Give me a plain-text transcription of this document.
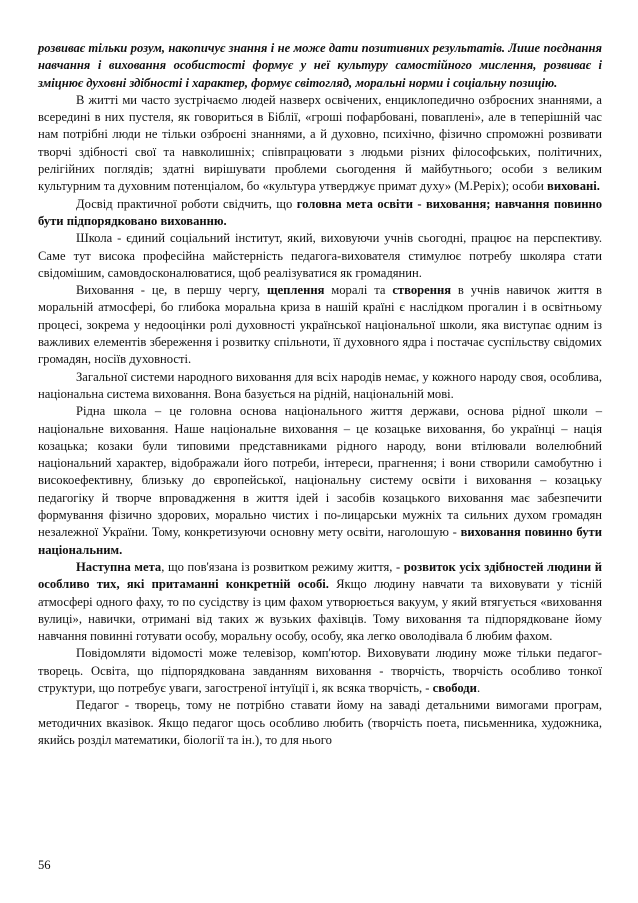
розвиває тільки розум, накопичує знання і не може дати позитивних результатів. Лише поєднання навчання і виховання особистості формує у неї культуру самостійного мислення, розвиває і зміцнює духовні здібності і характер, формує світогляд, моральні норми і соціальну позицію.

В житті ми часто зустрічаємо людей назверх освічених, енциклопедично озброєних знаннями, а всередині в них пустеля, як говориться в Біблії, «гроші пофарбовані, повапленi», але в теперішній час нам потрібні люди не тільки озброєні знаннями, а й духовно, психічно, фізично спроможні розвивати творчі здібності свої та навколишніх; співпрацювати з людьми різних філософських, політичних, релігійних поглядів; здатні вирішувати проблеми сьогодення й майбутнього; особи з великим культурним та духовним потенціалом, бо «культура утверджує примат духу» (М.Реріх); особи вихованi.

Досвід практичної роботи свідчить, що головна мета освіти - виховання; навчання повинно бути підпорядковано вихованню.

Школа - єдиний соціальний інститут, який, виховуючи учнів сьогодні, працює на перспективу. Саме тут висока професійна майстерність педагога-вихователя стимулює потребу школяра стати свідомішим, самовдосконалюватися, щоб реалізуватися як громадянин.

Виховання - це, в першу чергу, щеплення моралі та створення в учнів навичок життя в моральній атмосфері, бо глибока моральна криза в нашій країні є наслідком прогалин і в освітньому процесі, зокрема у недооцінки ролі духовності української національної школи, яка виступає одним із важливих елементів збереження і розвитку спільноти, її духовного ядра і постачає суспільству свідомих громадян, носіїв духовності.

Загальної системи народного виховання для всіх народів немає, у кожного народу своя, особлива, національна система виховання. Вона базується на рідній, національній мові.

Рідна школа – це головна основа національного життя держави, основа рідної школи – національне виховання. Наше національне виховання – це козацьке виховання, бо українці – нація козацька; козаки були типовими представниками рідного народу, вони втілювали волелюбний національний характер, відображали його потреби, інтереси, прагнення; і вони створили самобутню і високоефективну, близьку до європейської, національну систему освіти і виховання – козацьку педагогіку й творче впровадження в життя ідей і засобів козацького виховання має забезпечити формування фізично здорових, морально чистих і по-лицарськи мужніх та сильних духом громадян незалежної України. Тому, конкретизуючи основну мету освіти, наголошую - виховання повинно бути національним.

Наступна мета, що пов'язана із розвитком режиму життя, - розвиток усіх здібностей людини й особливо тих, які притаманні конкретній особі. Якщо людину навчати та виховувати у тісній атмосфері одного фаху, то по сусідству із цим фахом утворюється вакуум, у який втягується «виховання вулиці», навички, отримані від таких ж вузьких фахівців. Тому виховання та підпорядковане йому навчання повинні готувати особу, моральну особу, особу, яка легко оволодівала б любим фахом.

Повідомляти відомості може телевізор, комп'ютор. Виховувати людину може тільки педагог-творець. Освіта, що підпорядкована завданням виховання - творчість, творчість особливо тонкої структури, що потребує уваги, загостреної інтуїції і, як всяка творчість, - свободи.

Педагог - творець, тому не потрібно ставати йому на заваді детальними вимогами програм, методичних вказівок. Якщо педагог щось особливо любить (творчість поета, письменника, художника, якийсь розділ математики, біології та ін.), то для нього

56
